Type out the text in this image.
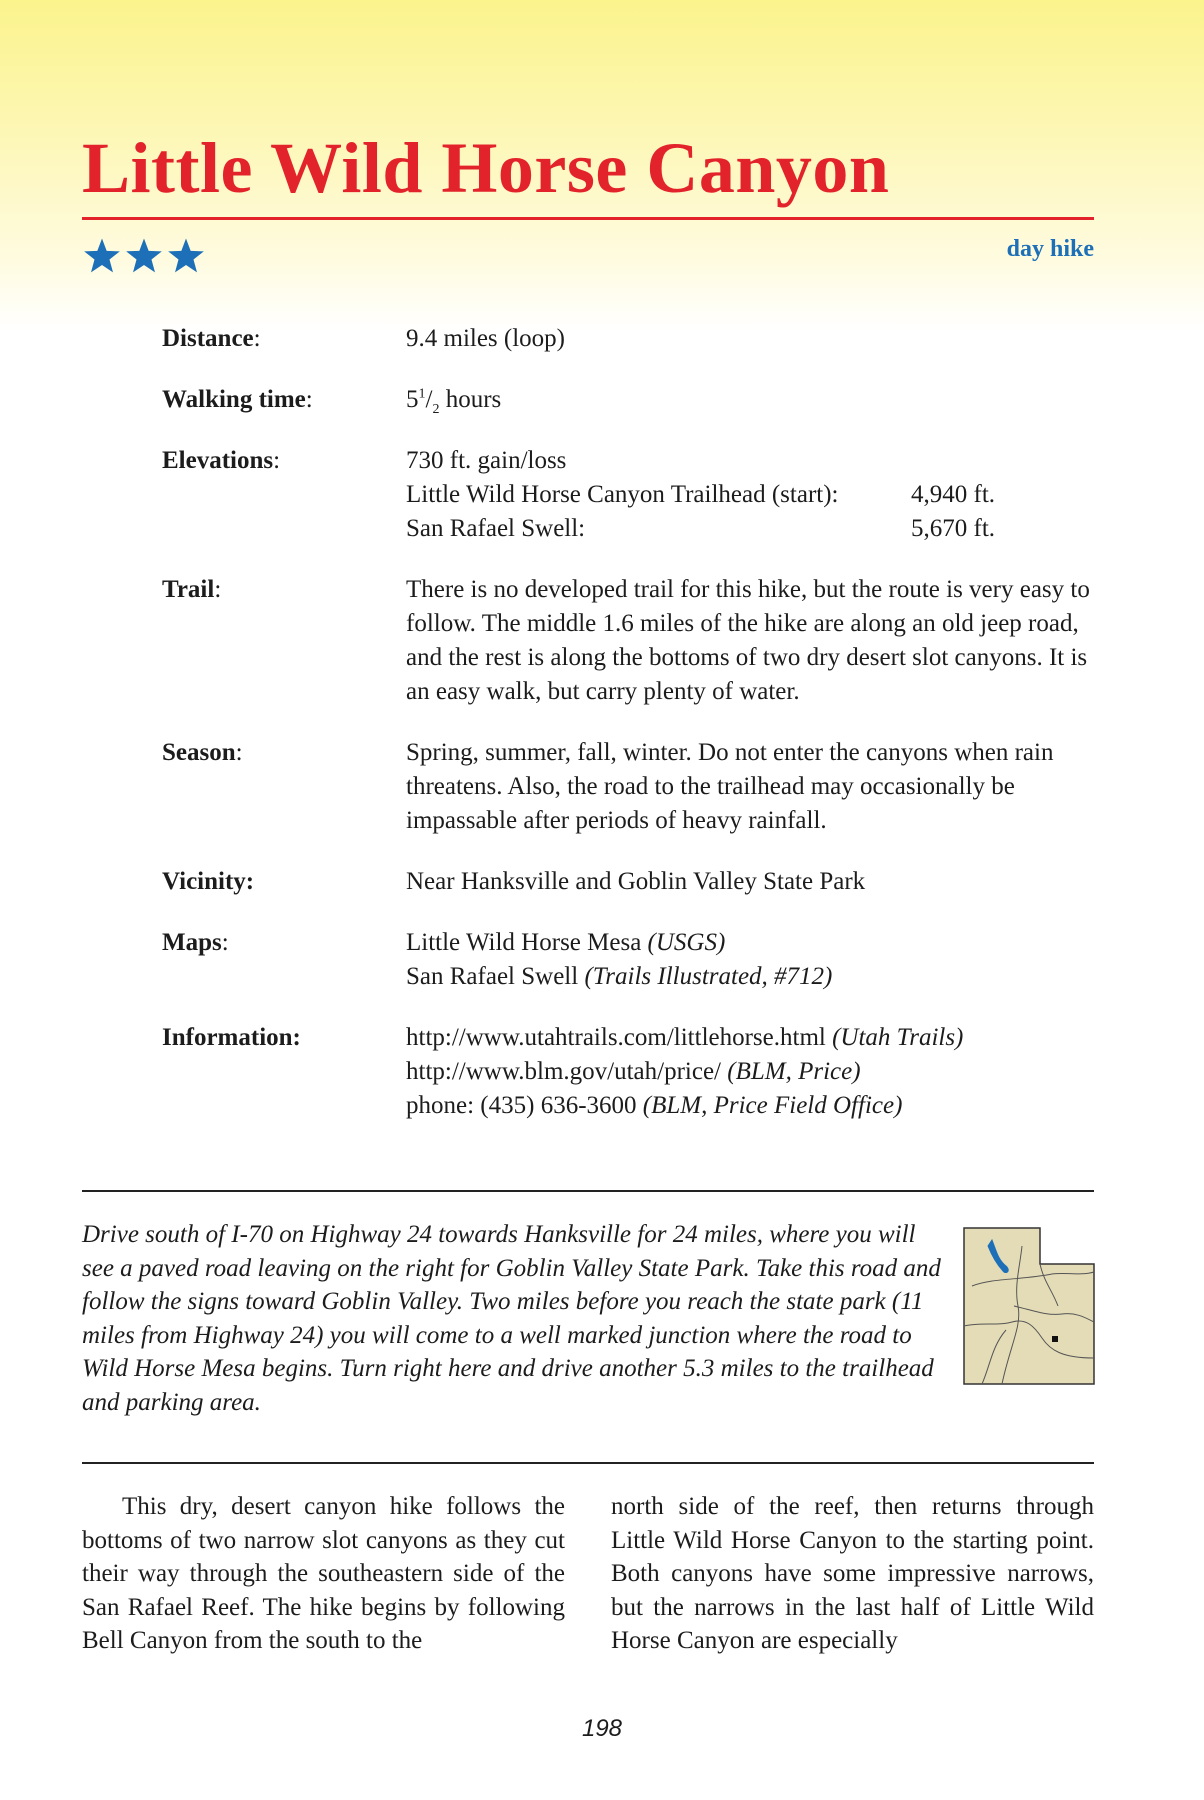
Little Wild Horse Canyon
day hike
Distance:	9.4 miles (loop)
Walking time:	$5^1/_2$ hours
Elevations:	730 ft. gain/loss
Little Wild Horse Canyon Trailhead (start):	4,940 ft.
San Rafael Swell:	5,670 ft.
Trail:	There is no developed trail for this hike, but the route is very easy to follow. The middle 1.6 miles of the hike are along an old jeep road, and the rest is along the bottoms of two dry desert slot canyons. It is an easy walk, but carry plenty of water.
Season:	Spring, summer, fall, winter. Do not enter the canyons when rain threatens. Also, the road to the trailhead may occasionally be impassable after periods of heavy rainfall.
Vicinity:	Near Hanksville and Goblin Valley State Park
Maps:	Little Wild Horse Mesa (USGS)
San Rafael Swell (Trails Illustrated, #712)
Information:	http://www.utahtrails.com/littlehorse.html (Utah Trails)
http://www.blm.gov/utah/price/ (BLM, Price)
phone: (435) 636-3600 (BLM, Price Field Office)
Drive south of I-70 on Highway 24 towards Hanksville for 24 miles, where you will see a paved road leaving on the right for Goblin Valley State Park. Take this road and follow the signs toward Goblin Valley. Two miles before you reach the state park (11 miles from Highway 24) you will come to a well marked junction where the road to Wild Horse Mesa begins. Turn right here and drive another 5.3 miles to the trailhead and parking area.
This dry, desert canyon hike follows the bottoms of two narrow slot canyons as they cut their way through the southeastern side of the San Rafael Reef. The hike begins by following Bell Canyon from the south to the
north side of the reef, then returns through Little Wild Horse Canyon to the starting point. Both canyons have some impressive narrows, but the narrows in the last half of Little Wild Horse Canyon are especially
198
